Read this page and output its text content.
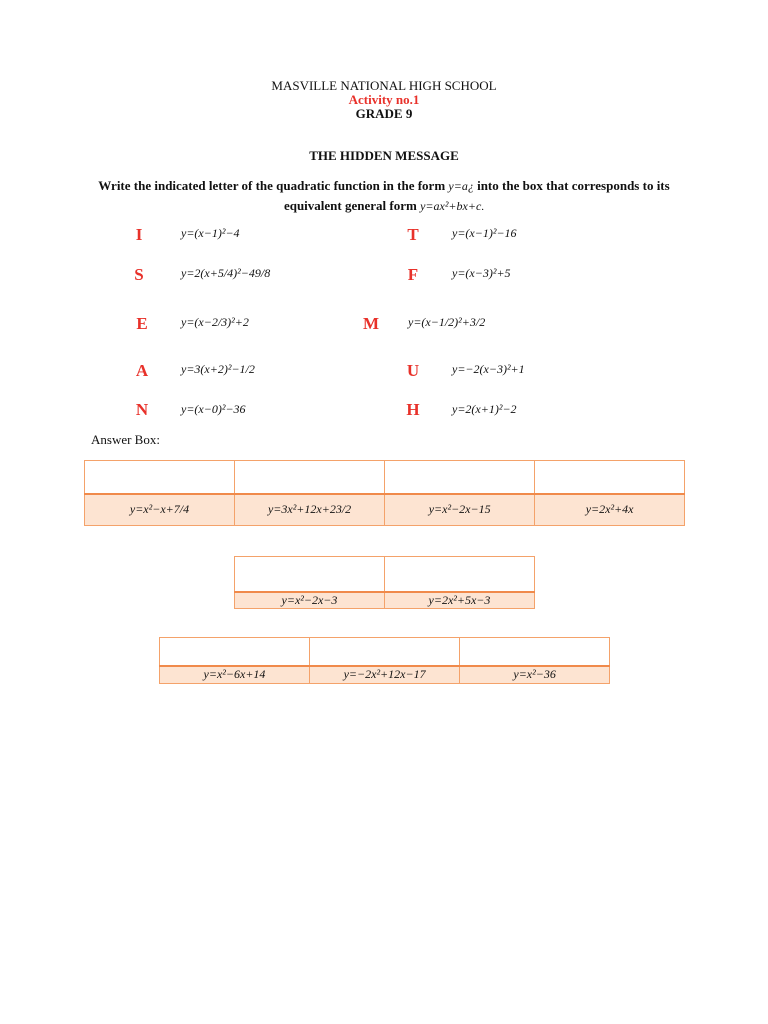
MASVILLE NATIONAL HIGH SCHOOL
Activity no.1
GRADE 9
THE HIDDEN MESSAGE
Write the indicated letter of the quadratic function in the form y=a¿ into the box that corresponds to its equivalent general form y=ax²+bx+c.
I	y=(x−1)²−4	T	y=(x−1)²−16
S	y=2(x+5/4)²−49/8	F	y=(x−3)²+5
E	y=(x−2/3)²+2	M	y=(x−1/2)²+3/2
A	y=3(x+2)²−1/2	U	y=−2(x−3)²+1
N	y=(x−0)²−36	H	y=2(x+1)²−2
Answer Box:

y=x²−x+7/4	y=3x²+12x+23/2	y=x²−2x−15	y=2x²+4x

y=x²−2x−3	y=2x²+5x−3

y=x²−6x+14	y=−2x²+12x−17	y=x²−36
